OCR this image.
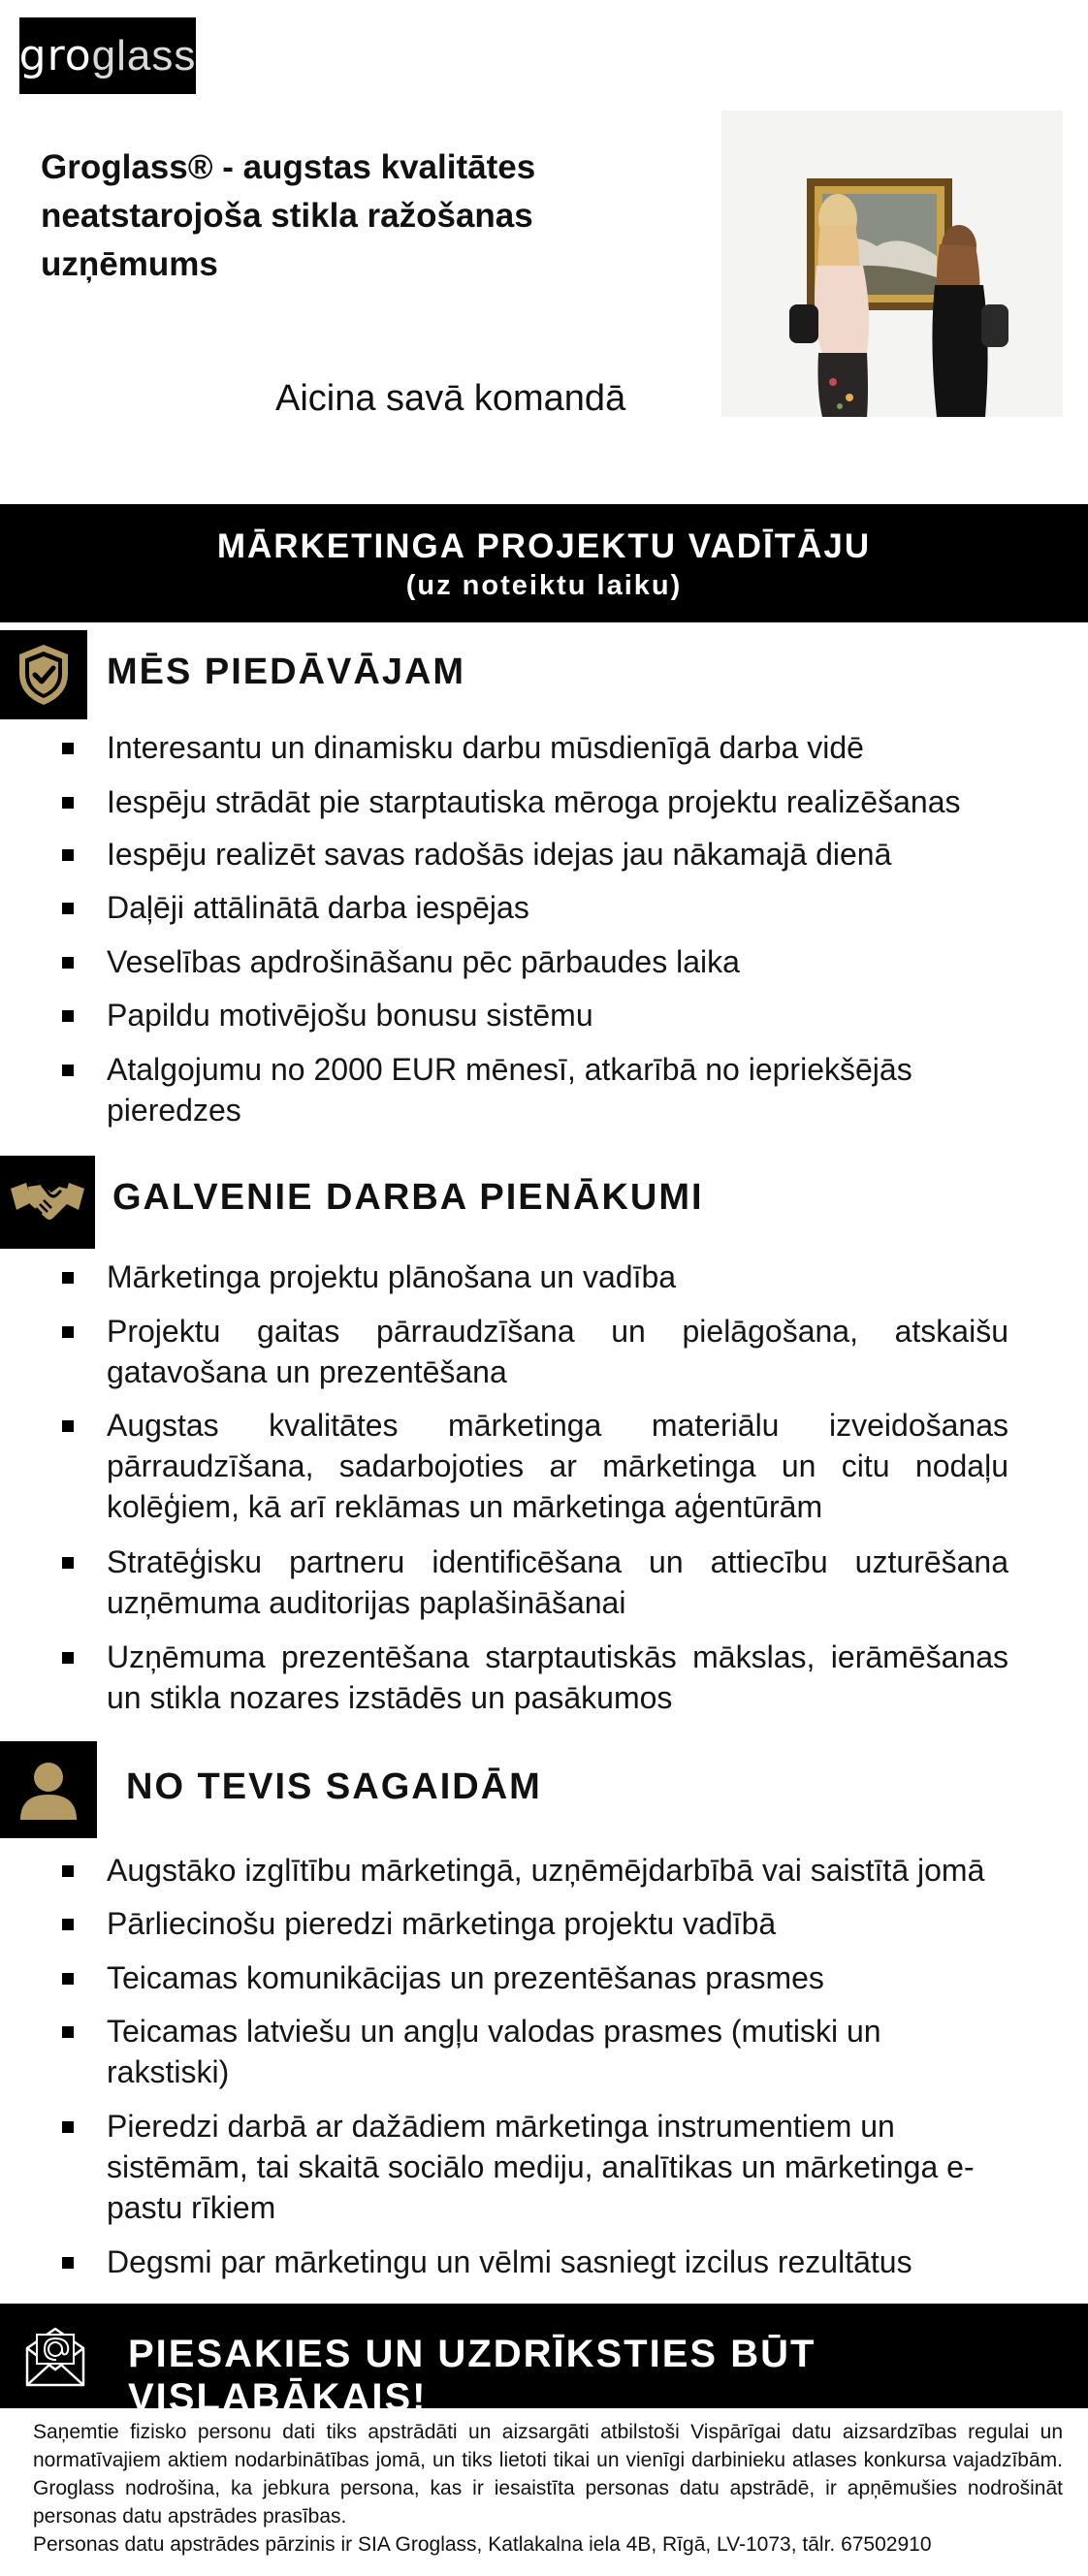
gro glass
Groglass® - augstas kvalitātes
neatstarojoša stikla ražošanas
uzņēmums
Aicina savā komandā
MĀRKETINGA PROJEKTU VADĪTĀJU
(uz noteiktu laiku)
MĒS PIEDĀVĀJAM
Interesantu un dinamisku darbu mūsdienīgā darba vidē
Iespēju strādāt pie starptautiska mēroga projektu realizēšanas
Iespēju realizēt savas radošās idejas jau nākamajā dienā
Daļēji attālinātā darba iespējas
Veselības apdrošināšanu pēc pārbaudes laika
Papildu motivējošu bonusu sistēmu
Atalgojumu no 2000 EUR mēnesī, atkarībā no iepriekšējās pieredzes
GALVENIE DARBA PIENĀKUMI
Mārketinga projektu plānošana un vadība
Projektu gaitas pārraudzīšana un pielāgošana, atskaišu gatavošana un prezentēšana
Augstas kvalitātes mārketinga materiālu izveidošanas pārraudzīšana, sadarbojoties ar mārketinga un citu nodaļu kolēģiem, kā arī reklāmas un mārketinga aģentūrām
Stratēģisku partneru identificēšana un attiecību uzturēšana uzņēmuma auditorijas paplašināšanai
Uzņēmuma prezentēšana starptautiskās mākslas, ierāmēšanas un stikla nozares izstādēs un pasākumos
NO TEVIS SAGAIDĀM
Augstāko izglītību mārketingā, uzņēmējdarbībā vai saistītā jomā
Pārliecinošu pieredzi mārketinga projektu vadībā
Teicamas komunikācijas un prezentēšanas prasmes
Teicamas latviešu un angļu valodas prasmes (mutiski un rakstiski)
Pieredzi darbā ar dažādiem mārketinga instrumentiem un sistēmām, tai skaitā sociālo mediju, analītikas un mārketinga e-pastu rīkiem
Degsmi par mārketingu un vēlmi sasniegt izcilus rezultātus
PIESAKIES UN UZDRĪKSTIES BŪT VISLABĀKAIS!
Saņemtie fizisko personu dati tiks apstrādāti un aizsargāti atbilstoši Vispārīgai datu aizsardzības regulai un normatīvajiem aktiem nodarbinātības jomā, un tiks lietoti tikai un vienīgi darbinieku atlases konkursa vajadzībām. Groglass nodrošina, ka jebkura persona, kas ir iesaistīta personas datu apstrādē, ir apņēmušies nodrošināt personas datu apstrādes prasības.
Personas datu apstrādes pārzinis ir SIA Groglass, Katlakalna iela 4B, Rīgā, LV-1073, tālr. 67502910
